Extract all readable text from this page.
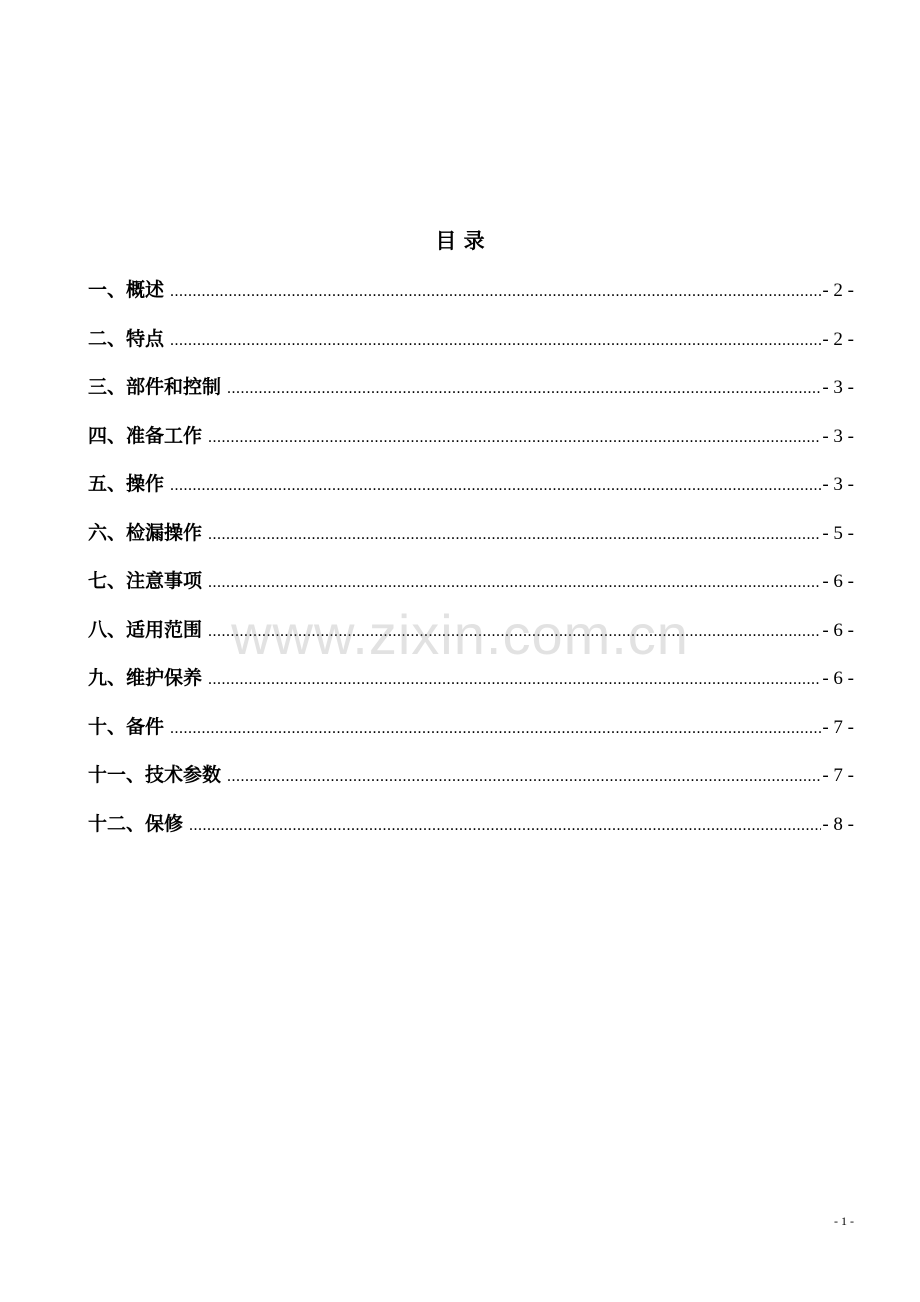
目 录
一、概述 .....	- 2 -
二、特点 .....	- 2 -
三、部件和控制 .....	- 3 -
四、准备工作 .....	- 3 -
五、操作 .....	- 3 -
六、检漏操作 .....	- 5 -
七、注意事项 .....	- 6 -
八、适用范围 .....	- 6 -
九、维护保养 .....	- 6 -
十、备件 .....	- 7 -
十一、技术参数 .....	- 7 -
十二、保修 .....	- 8 -
www.zixin.com.cn
- 1 -
